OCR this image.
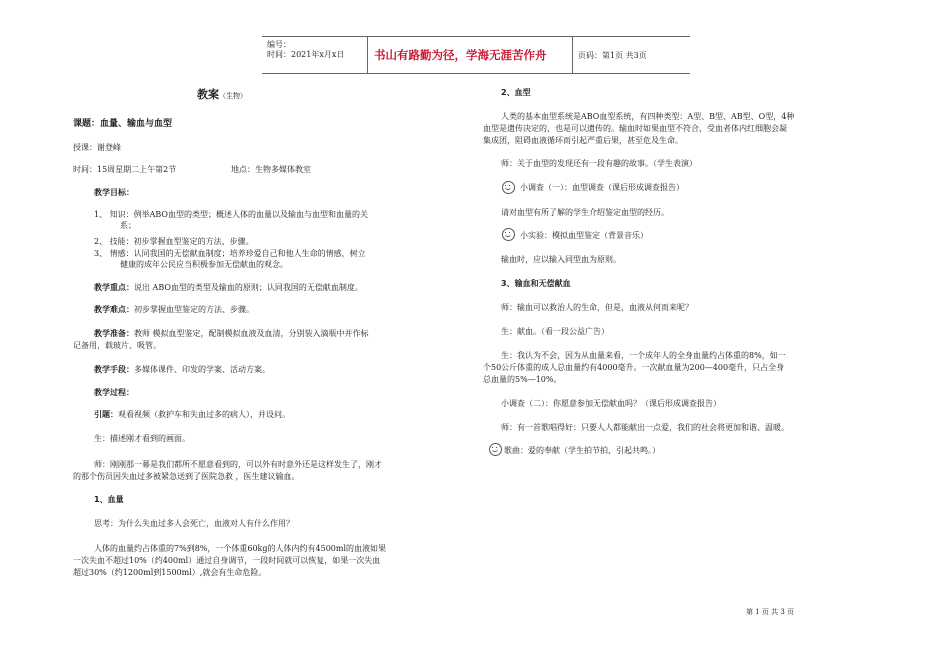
编号：
时间：2021年x月x日	书山有路勤为径，学海无涯苦作舟	页码：第1页 共3页
教案（生物）
课题：血量、输血与血型
授课：谢登峰
时间：15周星期二上午第2节	地点：生物多媒体教室
教学目标：
1、 知识：例举ABO血型的类型；概述人体的血量以及输血与血型和血量的关
系；
2、 技能：初步掌握血型鉴定的方法、步骤。
3、 情感：认同我国的无偿献血制度；培养珍爱自己和他人生命的情感，树立
健康的成年公民应当积极参加无偿献血的观念。
教学重点：说出 ABO血型的类型及输血的原则；认同我国的无偿献血制度。
教学难点：初步掌握血型鉴定的方法、步骤。
教学准备：教师 模拟血型鉴定，配制模拟血液及血清，分别装入滴瓶中并作标
记备用，载玻片、吸管。
教学手段：多媒体课件、印发的学案、活动方案。
教学过程：
引题：观看视频（救护车和失血过多的病人），并设问。
生：描述刚才看到的画面。
师：刚刚那一幕是我们都所不愿意看到的，可以外有时意外还是这样发生了，刚才
的那个伤员因失血过多被紧急送到了医院急救 ，医生建议输血。
1、血量
思考：为什么失血过多人会死亡，血液对人有什么作用？
人体的血量约占体重的7%到8%，一个体重60kg的人体内约有4500ml的血液如果
一次失血不超过10%（约400ml）通过自身调节，一段时间就可以恢复，如果一次失血
超过30%（约1200ml到1500ml）,就会有生命危险。
2、血型
人类的基本血型系统是ABO血型系统，有四种类型：A型、B型、AB型、O型，4种
血型是遗传决定的，也是可以遗传的。输血时如果血型不符合，受血者体内红细胞会凝
集成团，阻碍血液循环而引起严重后果，甚至危及生命。
师：关于血型的发现还有一段有趣的故事。（学生表演）
小调查（一）：血型调查（课后形成调查报告）
请对血型有所了解的学生介绍鉴定血型的经历。
小实验：模拟血型鉴定（背景音乐）
输血时，应以输入同型血为原则。
3、输血和无偿献血
师：输血可以救治人的生命，但是，血液从何而来呢？
生：献血。（看一段公益广告）
生：我认为不会，因为从血量来看，一个成年人的全身血量约占体重的8%，如一
个50公斤体重的成人总血量约有4000毫升。一次献血量为200—400毫升，只占全身
总血量的5%—10%。
小调查（二）：你愿意参加无偿献血吗？（课后形成调查报告）
师：有一首歌唱得好：只要人人都能献出一点爱，我们的社会将更加和谐、温暖。
歌曲：爱的奉献（学生拍节拍，引起共鸣。）
第 1 页 共 3 页
